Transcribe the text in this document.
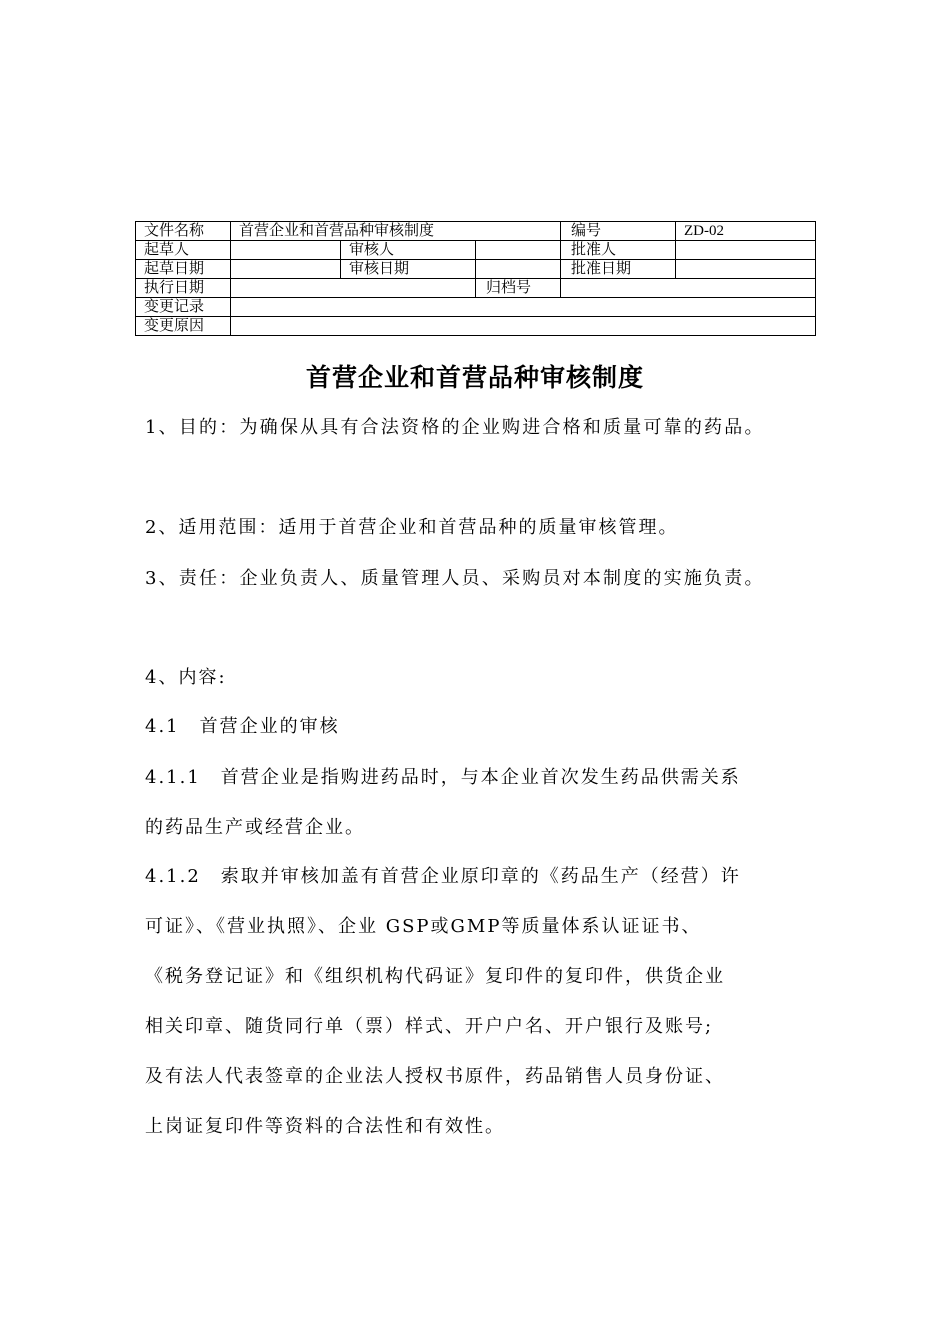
文件名称	首营企业和首营品种审核制度			编号	ZD-02
起草人		审核人		批准人	
起草日期		审核日期		批准日期	
执行日期			归档号		
变更记录					
变更原因					
首营企业和首营品种审核制度
1、目的：为确保从具有合法资格的企业购进合格和质量可靠的药品。
2、适用范围：适用于首营企业和首营品种的质量审核管理。
3、责任：企业负责人、质量管理人员、采购员对本制度的实施负责。
4、内容:
4.1　首营企业的审核
4.1.1　首营企业是指购进药品时，与本企业首次发生药品供需关系
的药品生产或经营企业。
4.1.2　索取并审核加盖有首营企业原印章的《药品生产（经营）许
可证》、《营业执照》、企业 GSP或GMP等质量体系认证证书、
《税务登记证》和《组织机构代码证》复印件的复印件，供货企业
相关印章、随货同行单（票）样式、开户户名、开户银行及账号;
及有法人代表签章的企业法人授权书原件，药品销售人员身份证、
上岗证复印件等资料的合法性和有效性。
